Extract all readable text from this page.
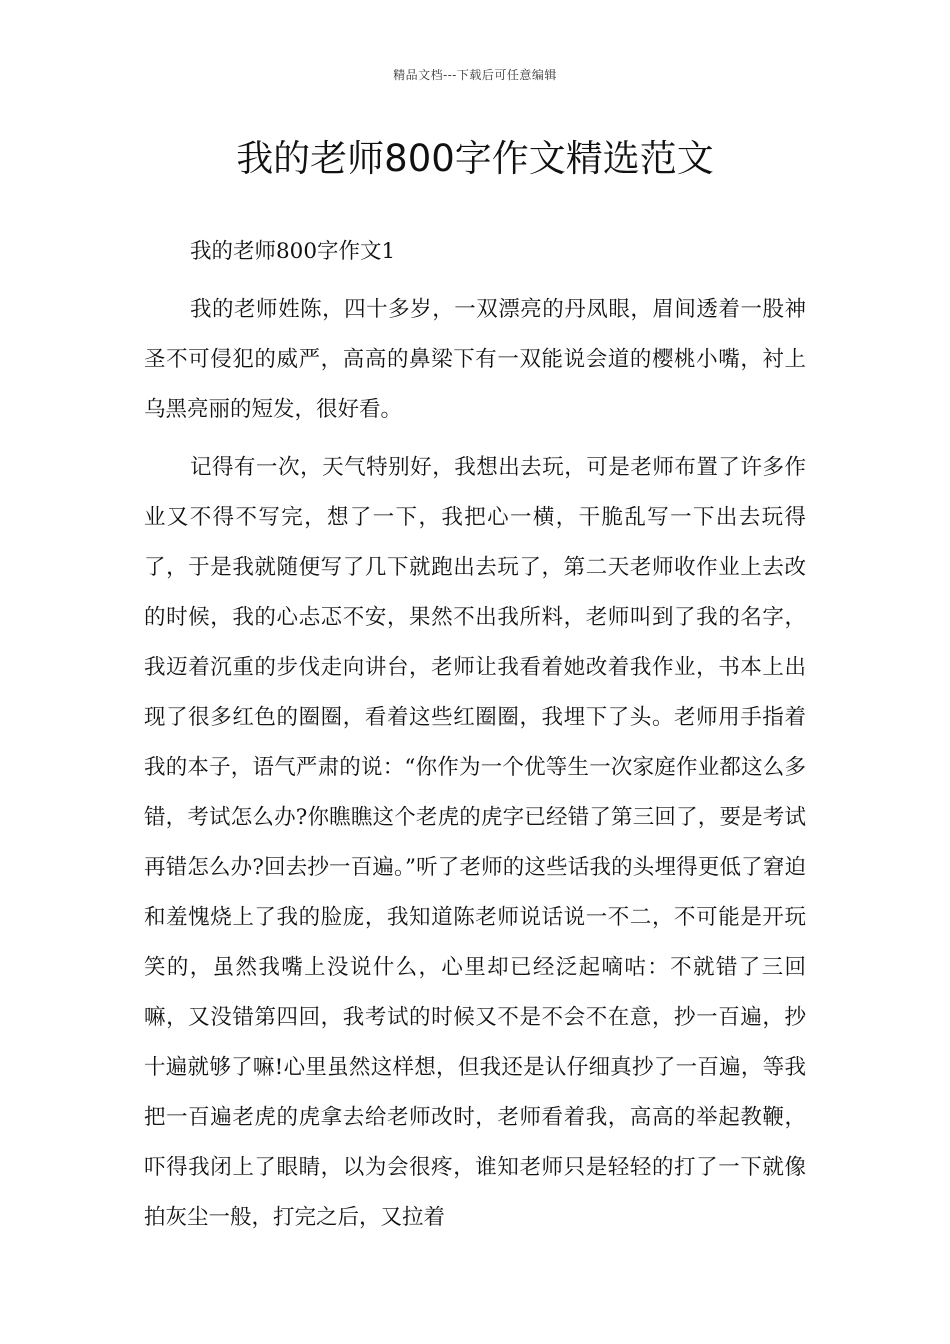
精品文档---下载后可任意编辑
我的老师800字作文精选范文

我的老师800字作文1

我的老师姓陈，四十多岁，一双漂亮的丹凤眼，眉间透着一股神圣不可侵犯的威严，高高的鼻梁下有一双能说会道的樱桃小嘴，衬上乌黑亮丽的短发，很好看。

记得有一次，天气特别好，我想出去玩，可是老师布置了许多作业又不得不写完，想了一下，我把心一横，干脆乱写一下出去玩得了，于是我就随便写了几下就跑出去玩了，第二天老师收作业上去改的时候，我的心忐忑不安，果然不出我所料，老师叫到了我的名字，我迈着沉重的步伐走向讲台，老师让我看着她改着我作业，书本上出现了很多红色的圈圈，看着这些红圈圈，我埋下了头。老师用手指着我的本子，语气严肃的说：“你作为一个优等生一次家庭作业都这么多错，考试怎么办?你瞧瞧这个老虎的虎字已经错了第三回了，要是考试再错怎么办?回去抄一百遍。”听了老师的这些话我的头埋得更低了窘迫和羞愧烧上了我的脸庞，我知道陈老师说话说一不二，不可能是开玩笑的，虽然我嘴上没说什么，心里却已经泛起嘀咕：不就错了三回嘛，又没错第四回，我考试的时候又不是不会不在意，抄一百遍，抄十遍就够了嘛!心里虽然这样想，但我还是认仔细真抄了一百遍，等我把一百遍老虎的虎拿去给老师改时，老师看着我，高高的举起教鞭，吓得我闭上了眼睛，以为会很疼，谁知老师只是轻轻的打了一下就像拍灰尘一般，打完之后，又拉着
